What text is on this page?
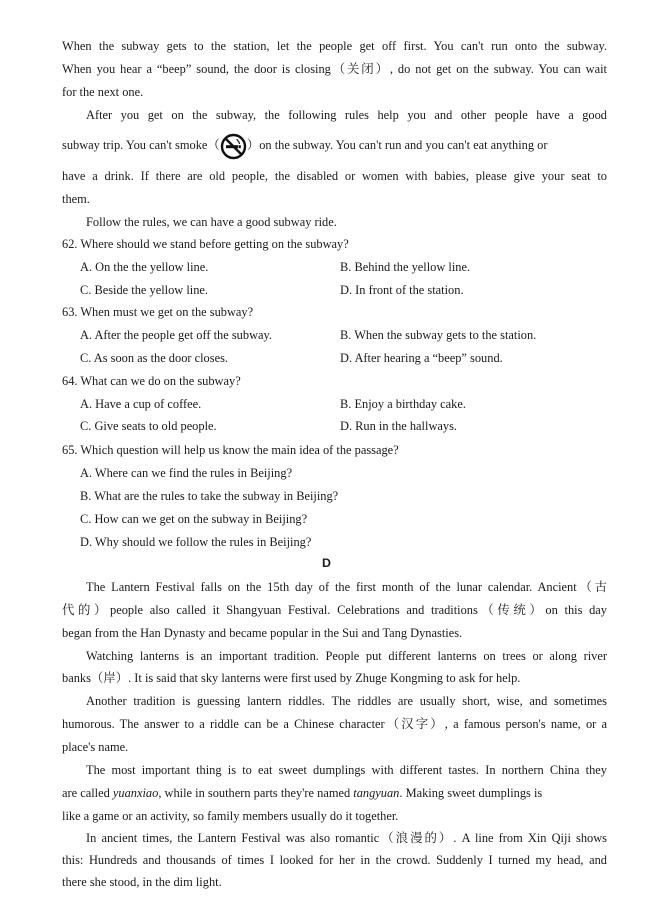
When the subway gets to the station, let the people get off first. You can't run onto the subway.
When you hear a “beep” sound, the door is closing（关闭）, do not get on the subway. You can wait
for the next one.
After you get on the subway, the following rules help you and other people have a good
subway trip. You can't smoke（ ）on the subway. You can't run and you can't eat anything or
have a drink. If there are old people, the disabled or women with babies, please give your seat to
them.
Follow the rules, we can have a good subway ride.
62. Where should we stand before getting on the subway?
A. On the the yellow line.	B. Behind the yellow line.
C. Beside the yellow line.	D. In front of the station.
63. When must we get on the subway?
A. After the people get off the subway.	B. When the subway gets to the station.
C. As soon as the door closes.	D. After hearing a “beep” sound.
64. What can we do on the subway?
A. Have a cup of coffee.	B. Enjoy a birthday cake.
C. Give seats to old people.	D. Run in the hallways.
65. Which question will help us know the main idea of the passage?
A. Where can we find the rules in Beijing?
B. What are the rules to take the subway in Beijing?
C. How can we get on the subway in Beijing?
D. Why should we follow the rules in Beijing?
D
The Lantern Festival falls on the 15th day of the first month of the lunar calendar. Ancient（古
代的）people also called it Shangyuan Festival. Celebrations and traditions（传统）on this day
began from the Han Dynasty and became popular in the Sui and Tang Dynasties.
Watching lanterns is an important tradition. People put different lanterns on trees or along river
banks（岸）. It is said that sky lanterns were first used by Zhuge Kongming to ask for help.
Another tradition is guessing lantern riddles. The riddles are usually short, wise, and sometimes
humorous. The answer to a riddle can be a Chinese character（汉字）, a famous person's name, or a
place's name.
The most important thing is to eat sweet dumplings with different tastes. In northern China they
are called yuanxiao, while in southern parts they're named tangyuan. Making sweet dumplings is
like a game or an activity, so family members usually do it together.
In ancient times, the Lantern Festival was also romantic（浪漫的）. A line from Xin Qiji shows
this: Hundreds and thousands of times I looked for her in the crowd. Suddenly I turned my head, and
there she stood, in the dim light.
